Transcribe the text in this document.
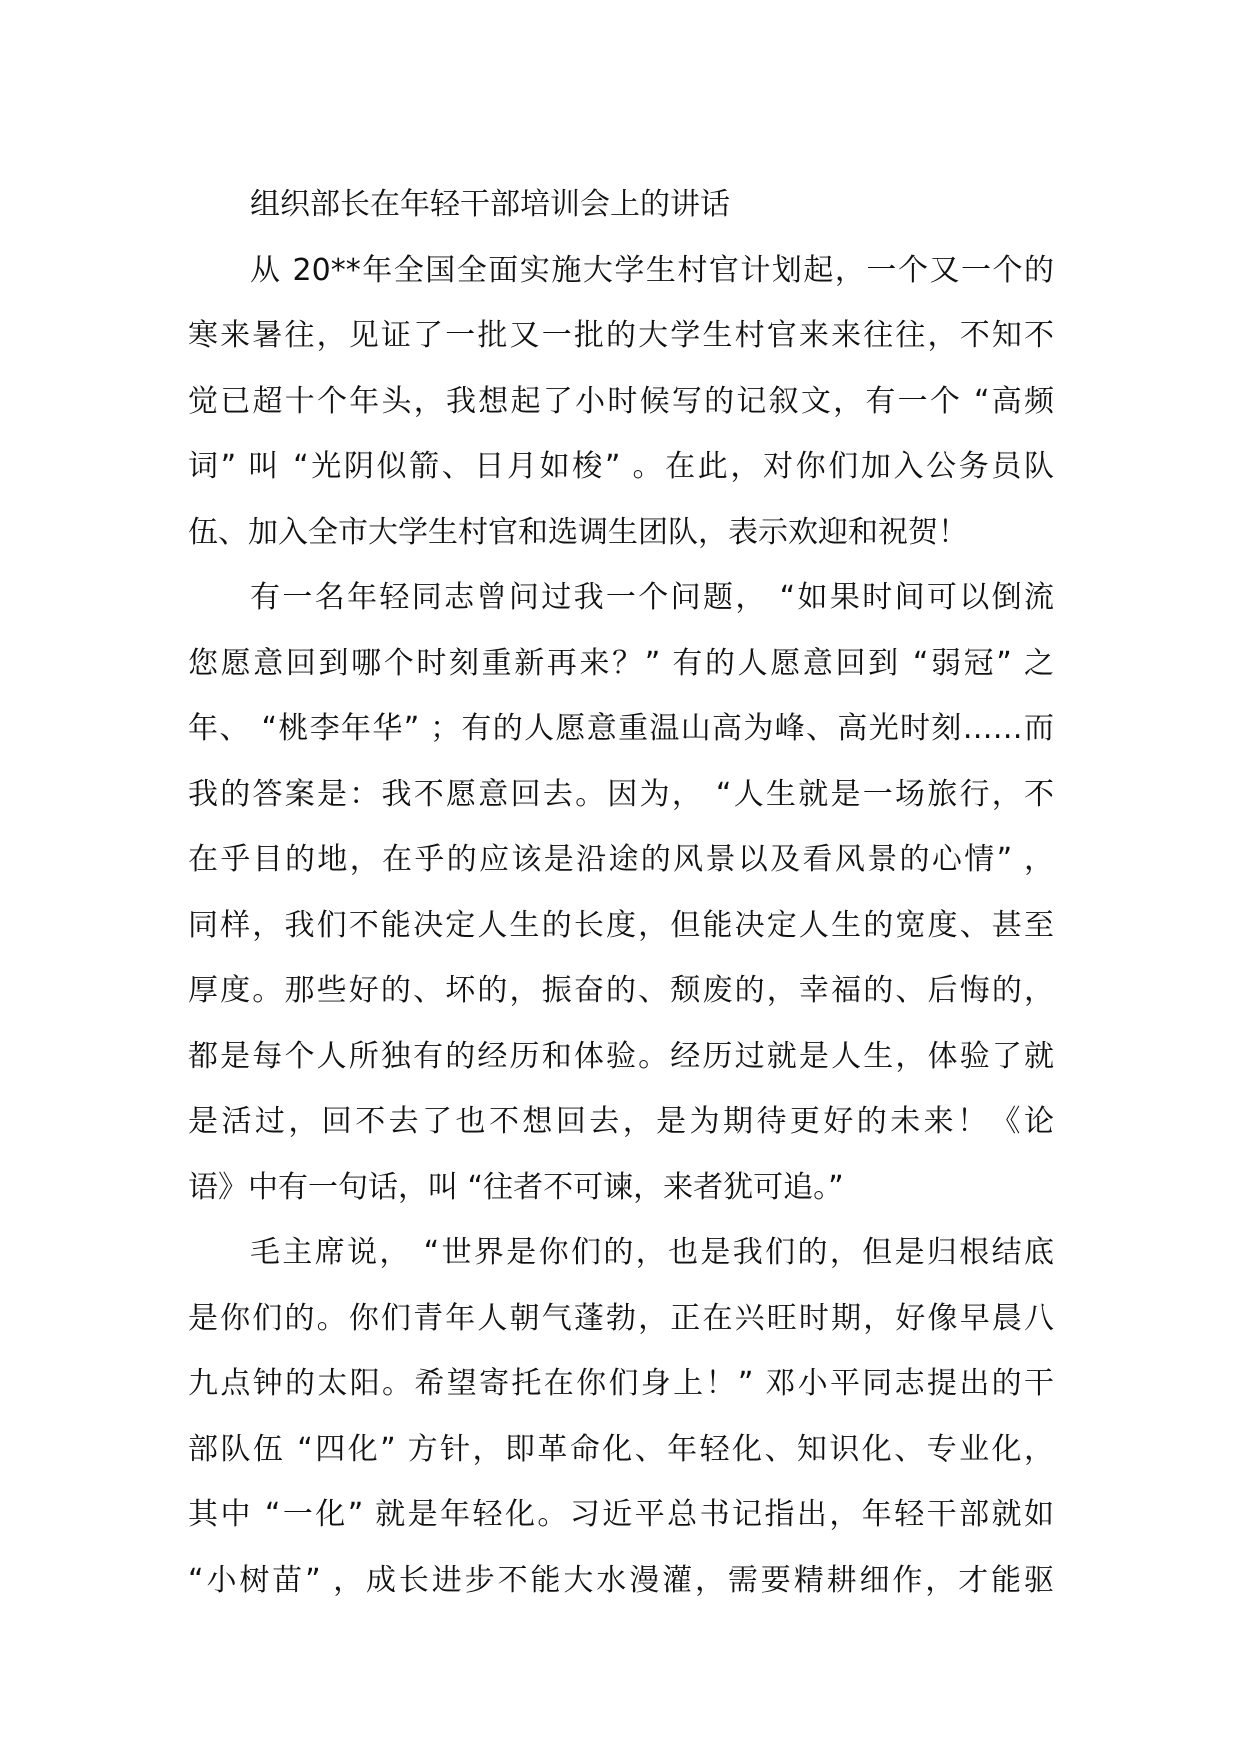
组织部长在年轻干部培训会上的讲话
从 20**年全国全面实施大学生村官计划起，一个又一个的
寒来暑往，见证了一批又一批的大学生村官来来往往，不知不
觉已超十个年头，我想起了小时候写的记叙文，有一个 “高频
词” 叫 “光阴似箭、日月如梭” 。在此，对你们加入公务员队
伍、加入全市大学生村官和选调生团队，表示欢迎和祝贺！
有一名年轻同志曾问过我一个问题， “如果时间可以倒流
您愿意回到哪个时刻重新再来？” 有的人愿意回到 “弱冠” 之
年、 “桃李年华” ；有的人愿意重温山高为峰、高光时刻……而
我的答案是：我不愿意回去。因为， “人生就是一场旅行，不
在乎目的地，在乎的应该是沿途的风景以及看风景的心情” ，
同样，我们不能决定人生的长度，但能决定人生的宽度、甚至
厚度。那些好的、坏的，振奋的、颓废的，幸福的、后悔的，
都是每个人所独有的经历和体验。经历过就是人生，体验了就
是活过，回不去了也不想回去，是为期待更好的未来！《论
语》中有一句话，叫 “往者不可谏，来者犹可追。”
毛主席说， “世界是你们的，也是我们的，但是归根结底
是你们的。你们青年人朝气蓬勃，正在兴旺时期，好像早晨八
九点钟的太阳。希望寄托在你们身上！” 邓小平同志提出的干
部队伍 “四化” 方针，即革命化、年轻化、知识化、专业化，
其中 “一化” 就是年轻化。习近平总书记指出，年轻干部就如
“小树苗” ，成长进步不能大水漫灌，需要精耕细作，才能驱
